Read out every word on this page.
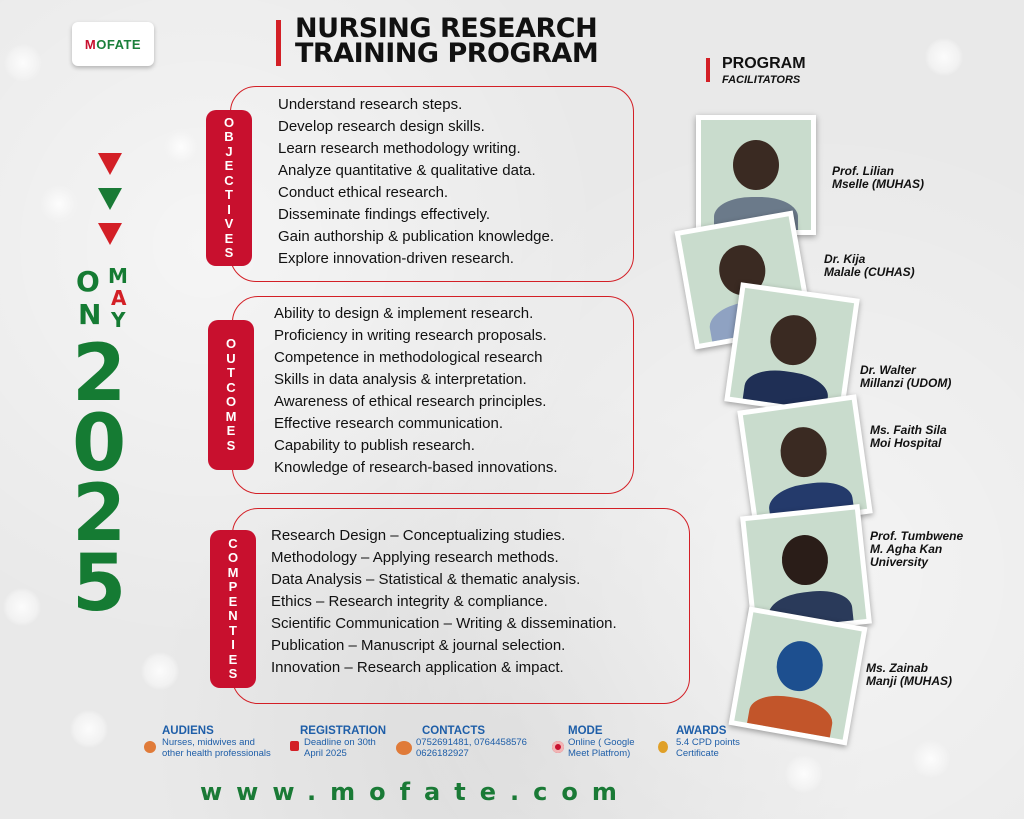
MOFATE	NURSING RESEARCH
TRAINING PROGRAM	PROGRAM
FACILITATORS
O
N
M
A
Y
2
0
2
5
O
B
J
E
C
T
I
V
E
S
Understand research steps.
Develop research design skills.
Learn research methodology writing.
Analyze quantitative & qualitative data.
Conduct ethical research.
Disseminate findings effectively.
Gain authorship & publication knowledge.
Explore innovation-driven research.
O
U
T
C
O
M
E
S
Ability to design & implement research.
Proficiency in writing research proposals.
Competence in methodological research
Skills in data analysis & interpretation.
Awareness of ethical research principles.
Effective research communication.
Capability to publish research.
Knowledge of research-based innovations.
C
O
M
P
E
N
T
I
E
S
Research Design – Conceptualizing studies.
Methodology – Applying research methods.
Data Analysis – Statistical & thematic analysis.
Ethics – Research integrity & compliance.
Scientific Communication – Writing & dissemination.
Publication – Manuscript & journal selection.
Innovation – Research application & impact.
Prof. Lilian
Mselle (MUHAS)
Dr. Kija
Malale (CUHAS)
Dr. Walter
Millanzi (UDOM)
Ms. Faith Sila
Moi Hospital
Prof. Tumbwene
M. Agha Kan
University
Ms. Zainab
Manji (MUHAS)
AUDIENS
Nurses, midwives and
other health professionals
REGISTRATION
Deadline on 30th
April 2025
CONTACTS
0752691481, 0764458576
0626182927
MODE
Online ( Google
Meet Platfrom)
AWARDS
5.4 CPD points
Certificate
www.mofate.com
